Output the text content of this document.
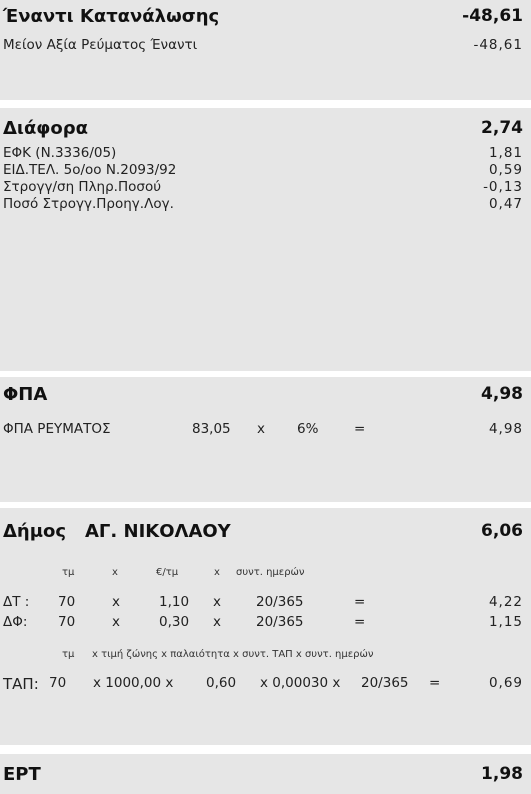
Έναντι Κατανάλωσης	-48,61
Μείον Αξία Ρεύματος Έναντι	-48,61
Διάφορα	2,74
ΕΦΚ (Ν.3336/05)	1,81
ΕΙΔ.ΤΕΛ. 5ο/οο Ν.2093/92	0,59
Στρογγ/ση Πληρ.Ποσού	-0,13
Ποσό Στρογγ.Προηγ.Λογ.	0,47
ΦΠΑ	4,98
ΦΠΑ ΡΕΥΜΑΤΟΣ	83,05 x 6%	=	4,98
Δήμος ΑΓ. ΝΙΚΟΛΑΟΥ	6,06
τμ	x	€/τμ	x συντ. ημερών
ΔΤ : 70	x	1,10 x	20/365	=	4,22
ΔΦ: 70	x	0,30 x	20/365	=	1,15
τμ x τιμή ζώνης x παλαιότητα x συντ. ΤΑΠ x συντ. ημερών
ΤΑΠ: 70 x 1000,00 x 0,60 x 0,00030 x 20/365 =	0,69
ΕΡΤ	1,98
